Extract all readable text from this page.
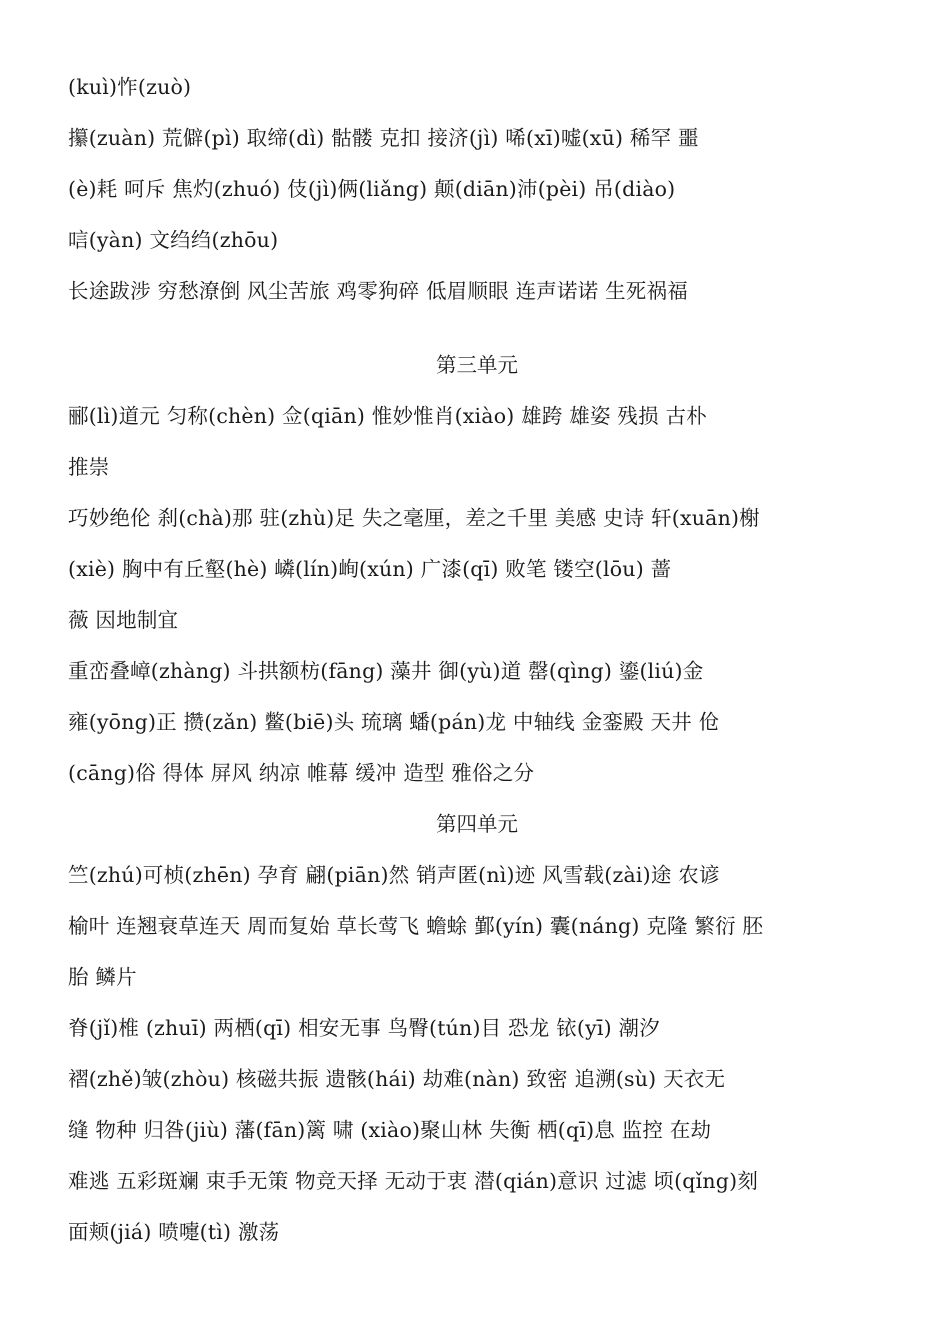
(kuì)怍(zuò)
攥(zuàn) 荒僻(pì) 取缔(dì) 骷髅 克扣 接济(jì) 唏(xī)嘘(xū) 稀罕 噩
(è)耗 呵斥 焦灼(zhuó) 伎(jì)俩(liǎng) 颠(diān)沛(pèi) 吊(diào)
唁(yàn) 文绉绉(zhōu)
长途跋涉 穷愁潦倒 风尘苦旅 鸡零狗碎 低眉顺眼 连声诺诺 生死祸福
第三单元
郦(lì)道元 匀称(chèn) 佥(qiān) 惟妙惟肖(xiào) 雄跨 雄姿 残损 古朴
推崇
巧妙绝伦 刹(chà)那 驻(zhù)足 失之毫厘，差之千里 美感 史诗 轩(xuān)榭
(xiè) 胸中有丘壑(hè) 嶙(lín)峋(xún) 广漆(qī) 败笔 镂空(lōu) 蔷
薇 因地制宜
重峦叠嶂(zhàng) 斗拱额枋(fāng) 藻井 御(yù)道 罄(qìng) 鎏(liú)金
雍(yōng)正 攒(zǎn) 鳖(biē)头 琉璃 蟠(pán)龙 中轴线 金銮殿 天井 伧
(cāng)俗 得体 屏风 纳凉 帷幕 缓冲 造型 雅俗之分
第四单元
竺(zhú)可桢(zhēn) 孕育 翩(piān)然 销声匿(nì)迹 风雪载(zài)途 农谚
榆叶 连翘衰草连天 周而复始 草长莺飞 蟾蜍 鄞(yín) 囊(náng) 克隆 繁衍 胚
胎 鳞片
脊(jǐ)椎 (zhuī) 两栖(qī) 相安无事 鸟臀(tún)目 恐龙 铱(yī) 潮汐
褶(zhě)皱(zhòu) 核磁共振 遗骸(hái) 劫难(nàn) 致密 追溯(sù) 天衣无
缝 物种 归咎(jiù) 藩(fān)篱 啸 (xiào)聚山林 失衡 栖(qī)息 监控 在劫
难逃 五彩斑斓 束手无策 物竞天择 无动于衷 潜(qián)意识 过滤 顷(qǐng)刻
面颊(jiá) 喷嚏(tì) 激荡
